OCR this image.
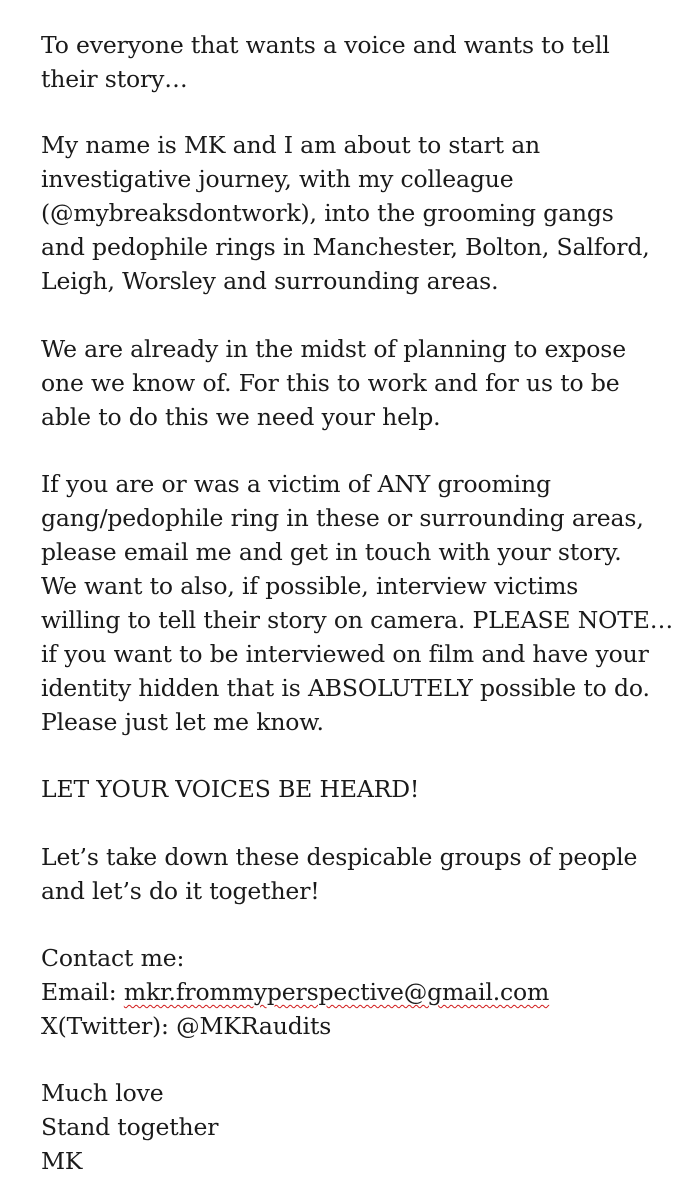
To everyone that wants a voice and wants to tell
their story…
My name is MK and I am about to start an
investigative journey, with my colleague
(@mybreaksdontwork), into the grooming gangs
and pedophile rings in Manchester, Bolton, Salford,
Leigh, Worsley and surrounding areas.
We are already in the midst of planning to expose
one we know of. For this to work and for us to be
able to do this we need your help.
If you are or was a victim of ANY grooming
gang/pedophile ring in these or surrounding areas,
please email me and get in touch with your story.
We want to also, if possible, interview victims
willing to tell their story on camera. PLEASE NOTE…
if you want to be interviewed on film and have your
identity hidden that is ABSOLUTELY possible to do.
Please just let me know.
LET YOUR VOICES BE HEARD!
Let’s take down these despicable groups of people
and let’s do it together!
Contact me:
Email: mkr.frommyperspective@gmail.com
X(Twitter): @MKRaudits
Much love
Stand together
MK
